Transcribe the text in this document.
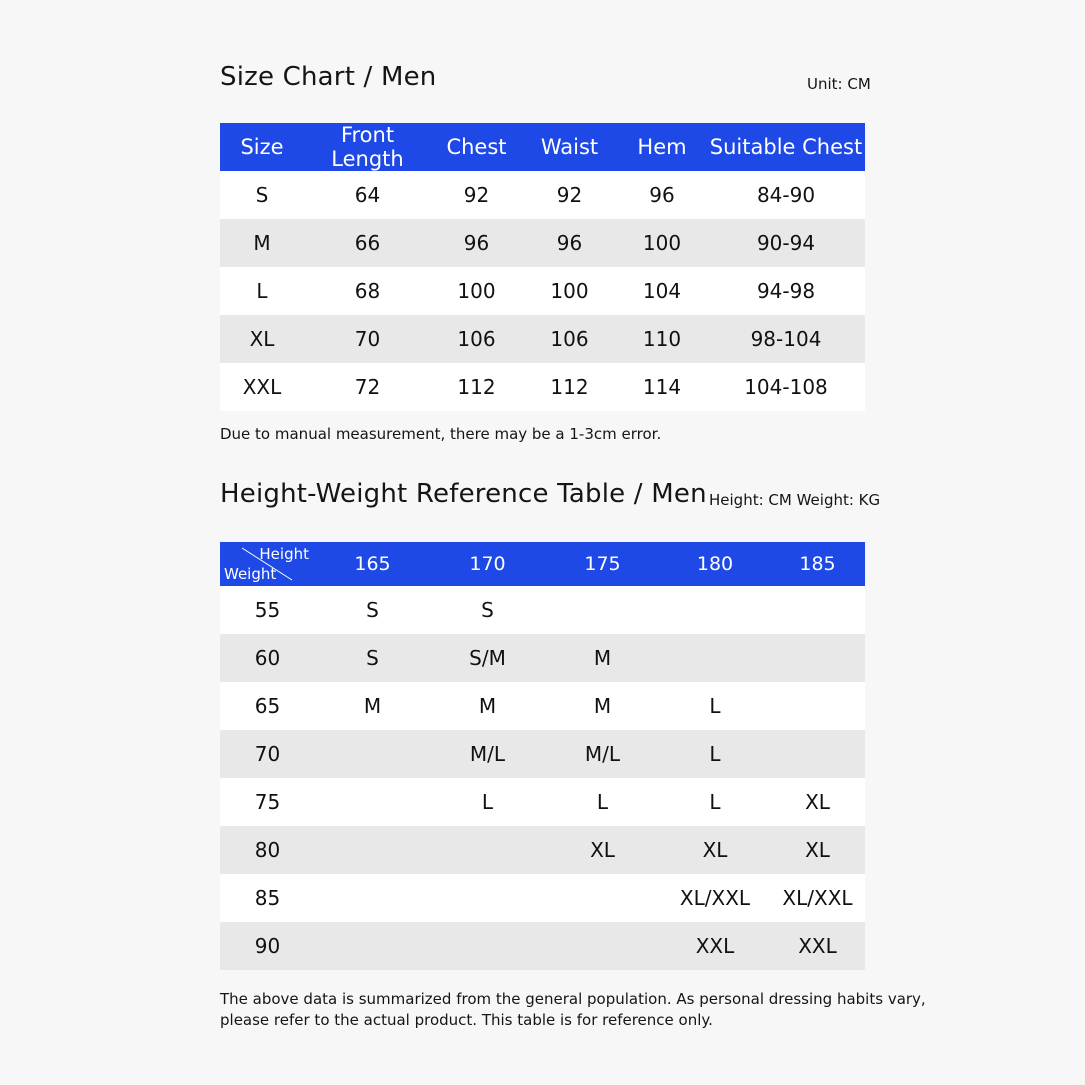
Size Chart / Men	Unit: CM
Size	Front Length	Chest	Waist	Hem	Suitable Chest
S	64	92	92	96	84-90
M	66	96	96	100	90-94
L	68	100	100	104	94-98
XL	70	106	106	110	98-104
XXL	72	112	112	114	104-108
Due to manual measurement, there may be a 1-3cm error.
Height-Weight Reference Table / Men Height: CM Weight: KG
Height
Weight	165	170	175	180	185
55	S	S			
60	S	S/M	M		
65	M	M	M	L	
70		M/L	M/L	L	
75		L	L	L	XL
80			XL	XL	XL
85				XL/XXL	XL/XXL
90				XXL	XXL
The above data is summarized from the general population. As personal dressing habits vary,
please refer to the actual product. This table is for reference only.
